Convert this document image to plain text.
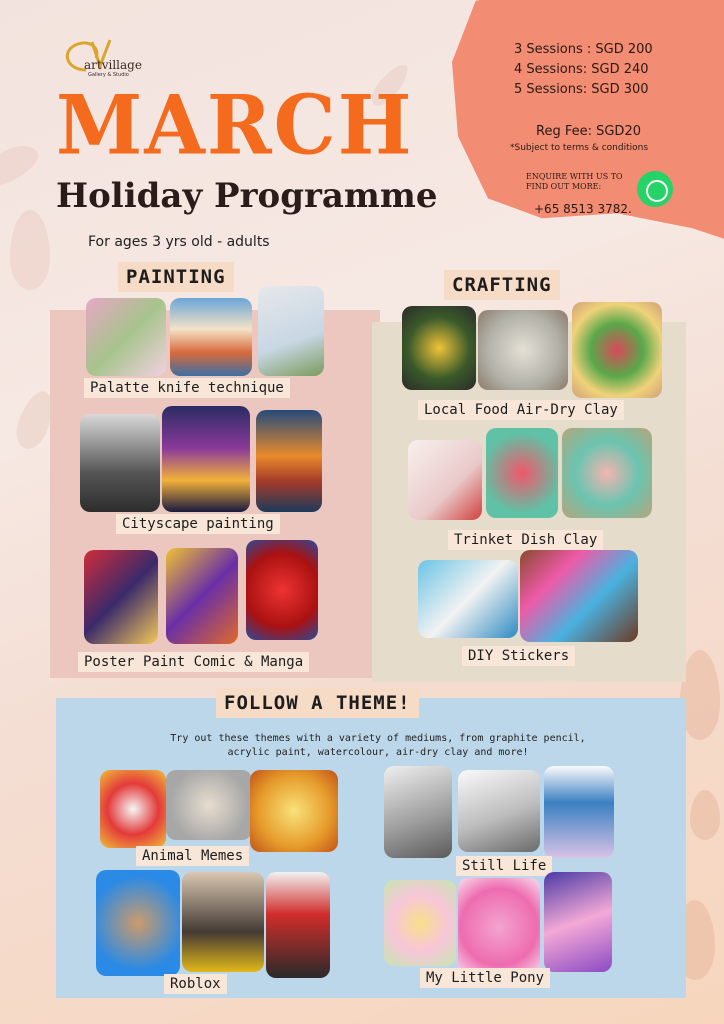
3 Sessions : SGD 200
4 Sessions: SGD 240
5 Sessions: SGD 300
Reg Fee: SGD20
*Subject to terms & conditions
ENQUIRE WITH US TO FIND OUT MORE:
+65 8513 3782.
artvillage
Gallery & Studio
MARCH
Holiday Programme
For ages 3 yrs old - adults
PAINTING
Palatte knife technique
Cityscape painting
Poster Paint Comic & Manga
CRAFTING
Local Food Air-Dry Clay
Trinket Dish Clay
DIY Stickers
FOLLOW A THEME!
Try out these themes with a variety of mediums, from graphite pencil, acrylic paint, watercolour, air-dry clay and more!
Animal Memes
Roblox
Still Life
My Little Pony
